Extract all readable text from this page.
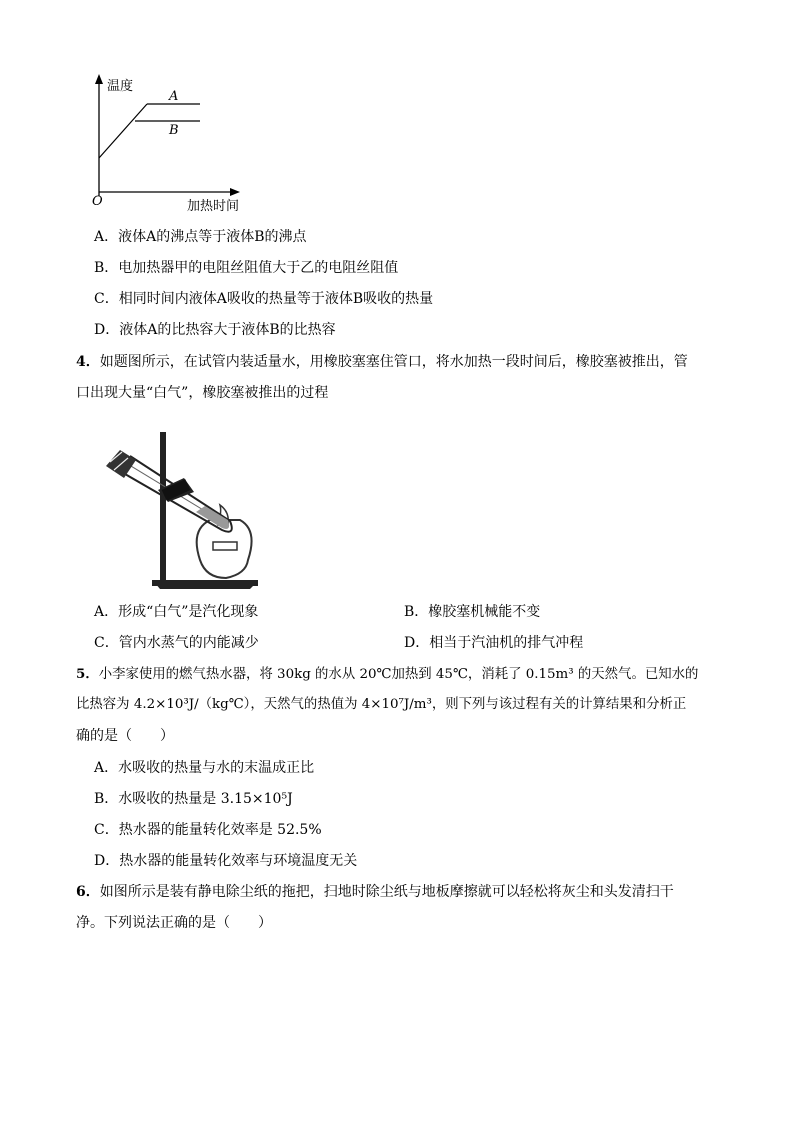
温度
A
B
O	加热时间
A．液体A的沸点等于液体B的沸点
B．电加热器甲的电阻丝阻值大于乙的电阻丝阻值
C．相同时间内液体A吸收的热量等于液体B吸收的热量
D．液体A的比热容大于液体B的比热容
4．如题图所示，在试管内装适量水，用橡胶塞塞住管口，将水加热一段时间后，橡胶塞被推出，管
口出现大量“白气”，橡胶塞被推出的过程
A．形成“白气”是汽化现象	B．橡胶塞机械能不变
C．管内水蒸气的内能减少	D．相当于汽油机的排气冲程
5．小李家使用的燃气热水器，将 30kg 的水从 20℃加热到 45℃，消耗了 0.15m³ 的天然气。已知水的
比热容为 4.2×10³J/（kg℃），天然气的热值为 4×10⁷J/m³，则下列与该过程有关的计算结果和分析正
确的是（　　）
A．水吸收的热量与水的末温成正比
B．水吸收的热量是 3.15×10⁵J
C．热水器的能量转化效率是 52.5%
D．热水器的能量转化效率与环境温度无关
6．如图所示是装有静电除尘纸的拖把，扫地时除尘纸与地板摩擦就可以轻松将灰尘和头发清扫干
净。下列说法正确的是（　　）
